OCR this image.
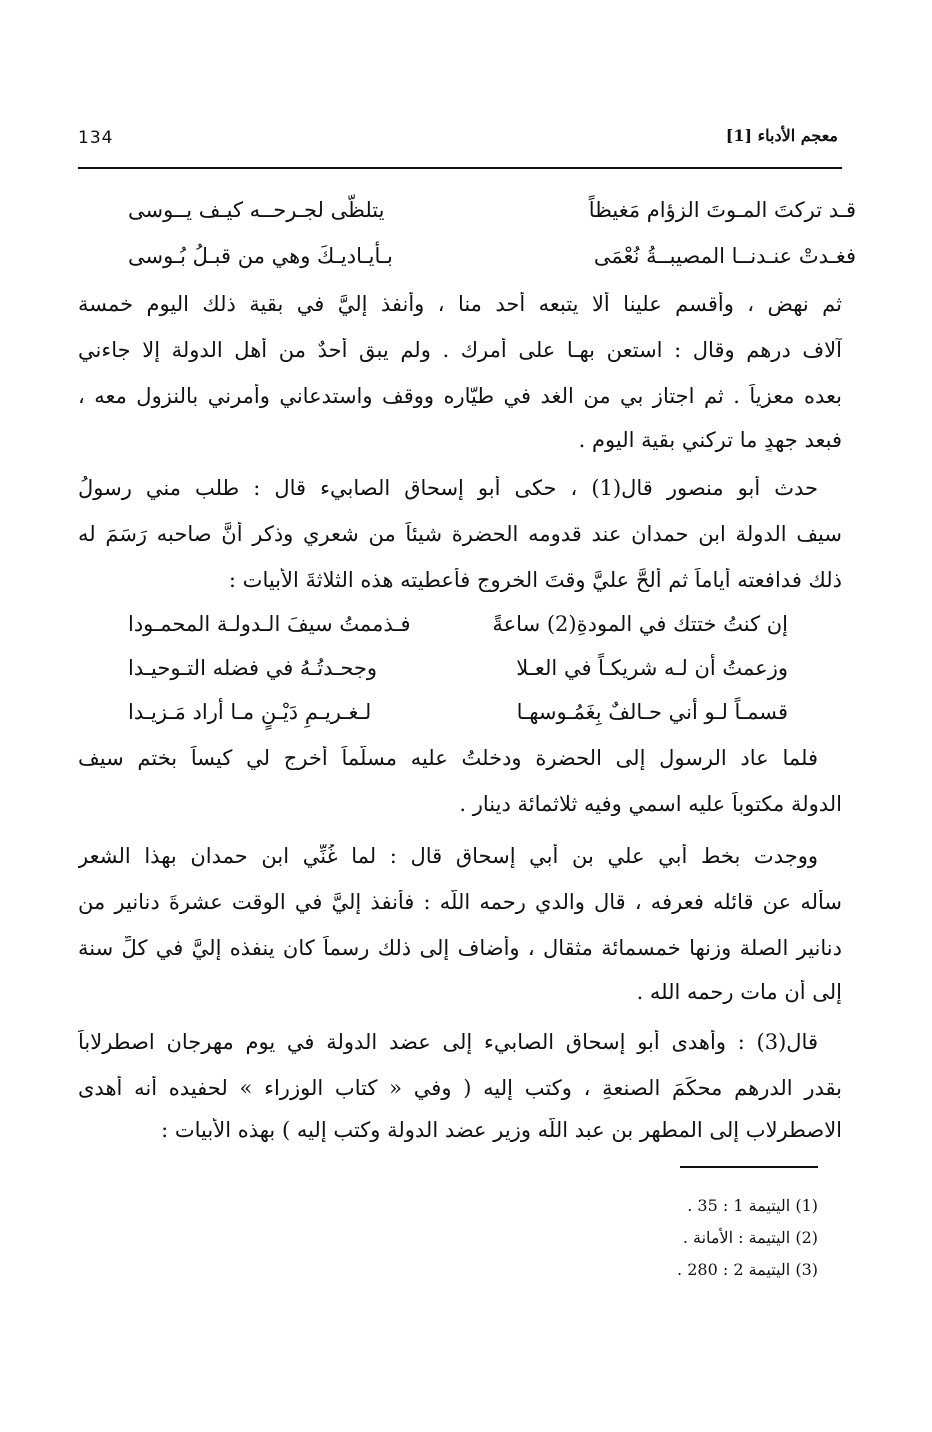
134	معجم الأدباء [1]
قـد تركتَ المـوتَ الزؤام مَغيظاً
يتلظّى لجـرحــه كيـف يــوسى
فغـدتْ عنـدنــا المصيبــةُ نُعْمَى
بـأيـاديـكَ وهي من قبـلُ بُـوسى
ثم نهض ، وأقسم علينا ألا يتبعه أحد منا ، وأنفذ إليَّ في بقية ذلك اليوم خمسة
آلاف درهم وقال : استعن بهـا على أمرك . ولم يبق أحدٌ من أهل الدولة إلا جاءني
بعده معزياً . ثم اجتاز بي من الغد في طيّاره ووقف واستدعاني وأمرني بالنزول معه ،
فبعد جهدٍ ما تركني بقية اليوم .
حدث أبو منصور قال(1) ، حكى أبو إسحاق الصابيء قال : طلب مني رسولُ
سيف الدولة ابن حمدان عند قدومه الحضرة شيئاً من شعري وذكر أنَّ صاحبه رَسَمَ له
ذلك فدافعته أياماً ثم ألحَّ عليَّ وقتَ الخروج فأعطيته هذه الثلاثةَ الأبيات :
إن كنتُ ختتك في المودةِ(2) ساعةً
فـذممتُ سيفَ الـدولـة المحمـودا
وزعمتُ أن لـه شريكـاً في العـلا
وجحـدتُـهُ في فضله التـوحيـدا
قسمـاً لـو أني حـالفٌ بِغَمُـوسهـا
لـغـريـمِ دَيْـنٍ مـا أراد مَـزيـدا
فلما عاد الرسول إلى الحضرة ودخلتُ عليه مسلّماً أخرج لي كيساً بختم سيف
الدولة مكتوباً عليه اسمي وفيه ثلاثمائة دينار .
ووجدت بخط أبي علي بن أبي إسحاق قال : لما غُنِّي ابن حمدان بهذا الشعر
سأله عن قائله فعرفه ، قال والدي رحمه اللّه : فأنفذ إليَّ في الوقت عشرةَ دنانير من
دنانير الصلة وزنها خمسمائة مثقال ، وأضاف إلى ذلك رسماً كان ينفذه إليَّ في كلِّ سنة
إلى أن مات رحمه الله .
قال(3) : وأهدى أبو إسحاق الصابيء إلى عضد الدولة في يوم مهرجان اصطرلاباً
بقدر الدرهم محكَمَ الصنعةِ ، وكتب إليه ( وفي « كتاب الوزراء » لحفيده أنه أهدى
الاصطرلاب إلى المطهر بن عبد اللّه وزير عضد الدولة وكتب إليه ) بهذه الأبيات :
(1) اليتيمة 1 : 35 .
(2) اليتيمة : الأمانة .
(3) اليتيمة 2 : 280 .
